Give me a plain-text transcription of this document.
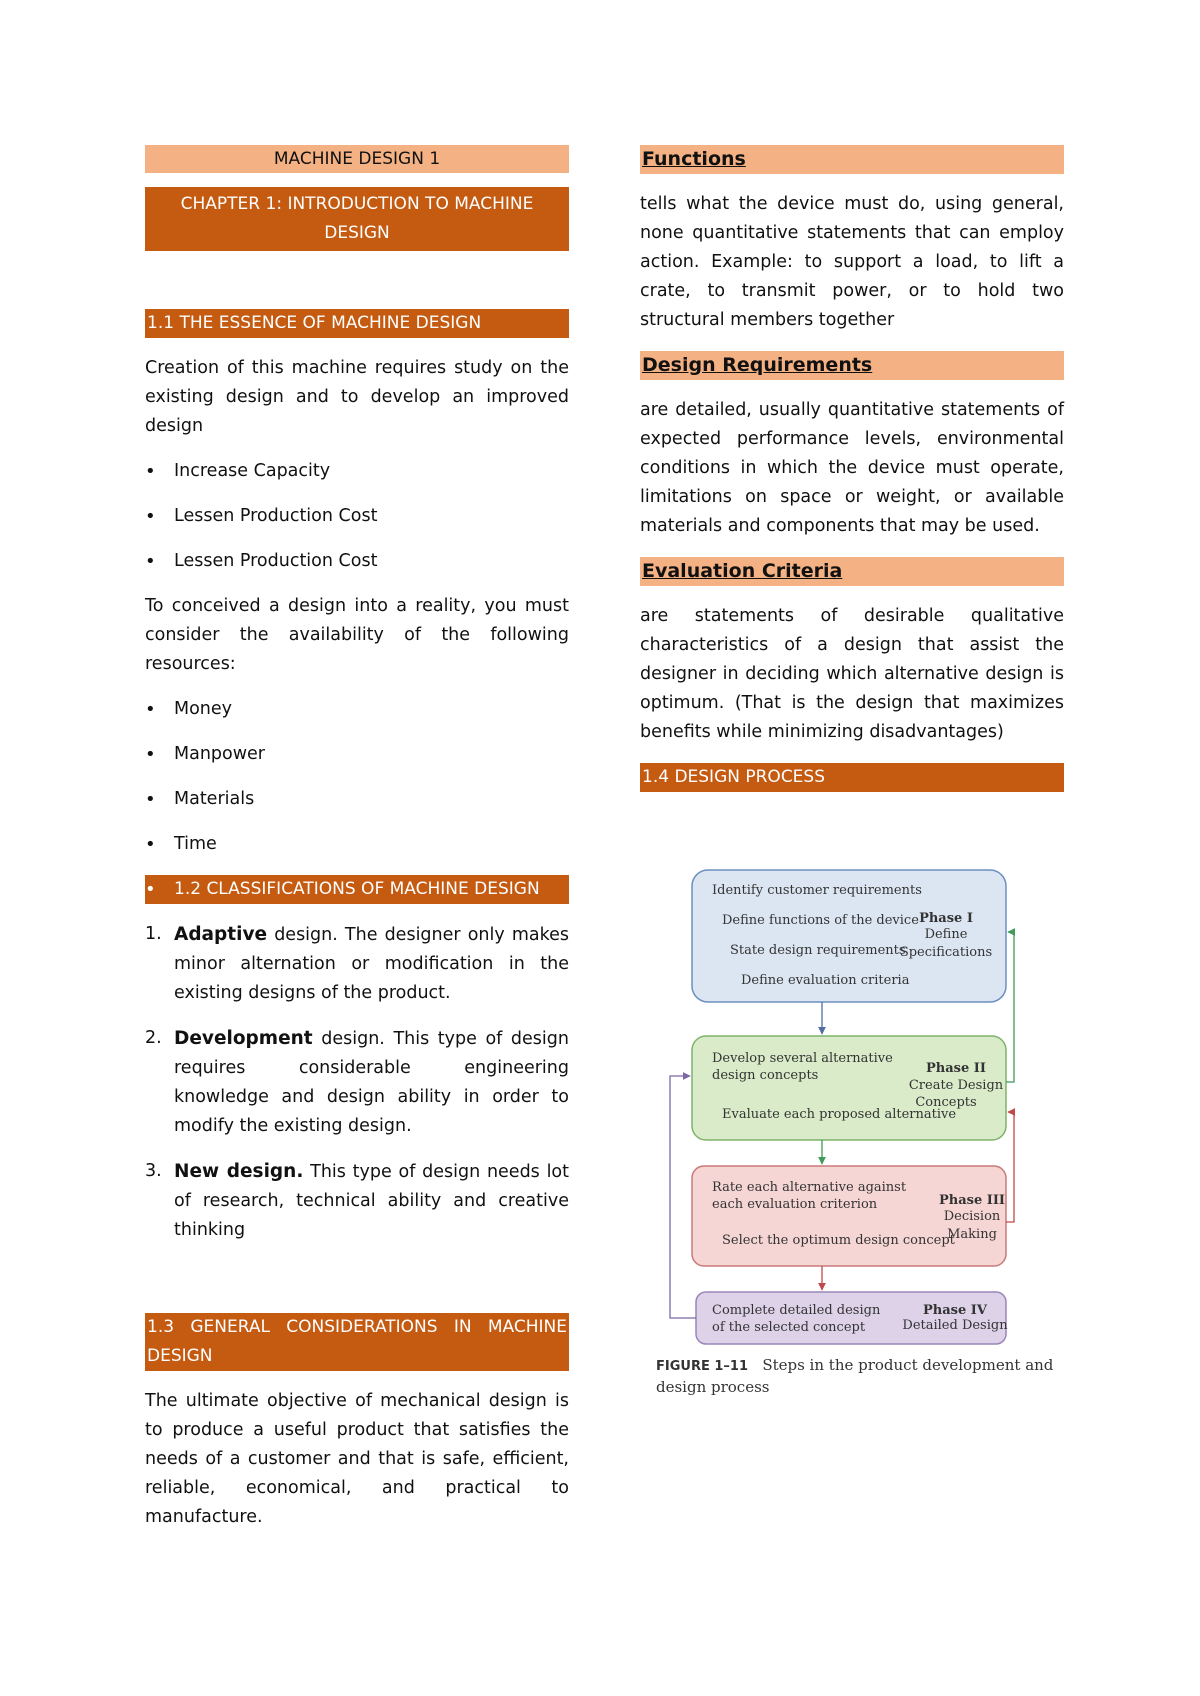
MACHINE DESIGN 1
CHAPTER 1: INTRODUCTION TO MACHINE DESIGN
1.1 THE ESSENCE OF MACHINE DESIGN

Creation of this machine requires study on the existing design and to develop an improved design

• Increase Capacity
• Lessen Production Cost
• Lessen Production Cost

To conceived a design into a reality, you must consider the availability of the following resources:

• Money
• Manpower
• Materials
• Time
• 1.2 CLASSIFICATIONS OF MACHINE DESIGN
1. Adaptive design. The designer only makes minor alternation or modification in the existing designs of the product.
2. Development design. This type of design requires considerable engineering knowledge and design ability in order to modify the existing design.
3. New design. This type of design needs lot of research, technical ability and creative thinking
1.3 GENERAL CONSIDERATIONS IN MACHINE DESIGN

The ultimate objective of mechanical design is to produce a useful product that satisfies the needs of a customer and that is safe, efficient, reliable, economical, and practical to manufacture.

Functions

tells what the device must do, using general, none quantitative statements that can employ action. Example: to support a load, to lift a crate, to transmit power, or to hold two structural members together

Design Requirements

are detailed, usually quantitative statements of expected performance levels, environmental conditions in which the device must operate, limitations on space or weight, or available materials and components that may be used.

Evaluation Criteria

are statements of desirable qualitative characteristics of a design that assist the designer in deciding which alternative design is optimum. (That is the design that maximizes benefits while minimizing disadvantages)

1.4 DESIGN PROCESS
Identify customer requirements
Define functions of the device
State design requirements
Define evaluation criteria
Phase I
Define
Specifications
Develop several alternative
design concepts
Evaluate each proposed alternative
Phase II
Create Design
Concepts
Rate each alternative against
each evaluation criterion
Select the optimum design concept
Phase III
Decision
Making
Complete detailed design
of the selected concept
Phase IV
Detailed Design
FIGURE 1–11 Steps in the product development and design process
